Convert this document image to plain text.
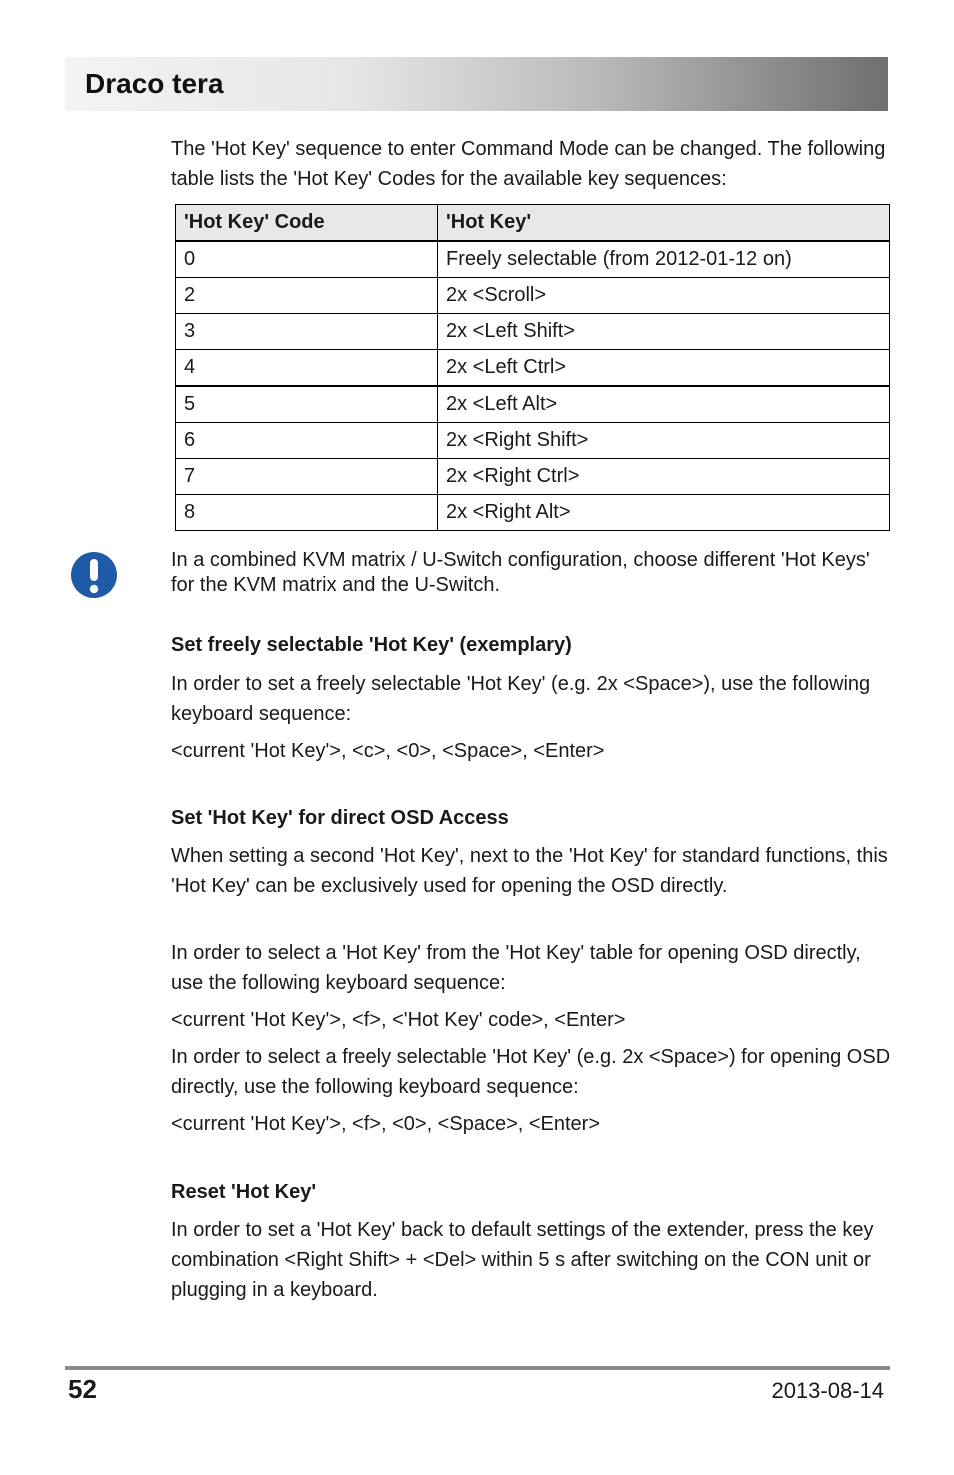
Draco tera

The 'Hot Key' sequence to enter Command Mode can be changed. The following table lists the 'Hot Key' Codes for the available key sequences:

'Hot Key' Code	'Hot Key'
0	Freely selectable (from 2012-01-12 on)
2	2x <Scroll>
3	2x <Left Shift>
4	2x <Left Ctrl>
5	2x <Left Alt>
6	2x <Right Shift>
7	2x <Right Ctrl>
8	2x <Right Alt>

In a combined KVM matrix / U-Switch configuration, choose different 'Hot Keys' for the KVM matrix and the U-Switch.

Set freely selectable 'Hot Key' (exemplary)

In order to set a freely selectable 'Hot Key' (e.g. 2x <Space>), use the following keyboard sequence:

<current 'Hot Key'>, <c>, <0>, <Space>, <Enter>

Set 'Hot Key' for direct OSD Access

When setting a second 'Hot Key', next to the 'Hot Key' for standard functions, this 'Hot Key' can be exclusively used for opening the OSD directly.

In order to select a 'Hot Key' from the 'Hot Key' table for opening OSD directly, use the following keyboard sequence:

<current 'Hot Key'>, <f>, <'Hot Key' code>, <Enter>

In order to select a freely selectable 'Hot Key' (e.g. 2x <Space>) for opening OSD directly, use the following keyboard sequence:

<current 'Hot Key'>, <f>, <0>, <Space>, <Enter>

Reset 'Hot Key'

In order to set a 'Hot Key' back to default settings of the extender, press the key combination <Right Shift> + <Del> within 5 s after switching on the CON unit or plugging in a keyboard.

52	2013-08-14
